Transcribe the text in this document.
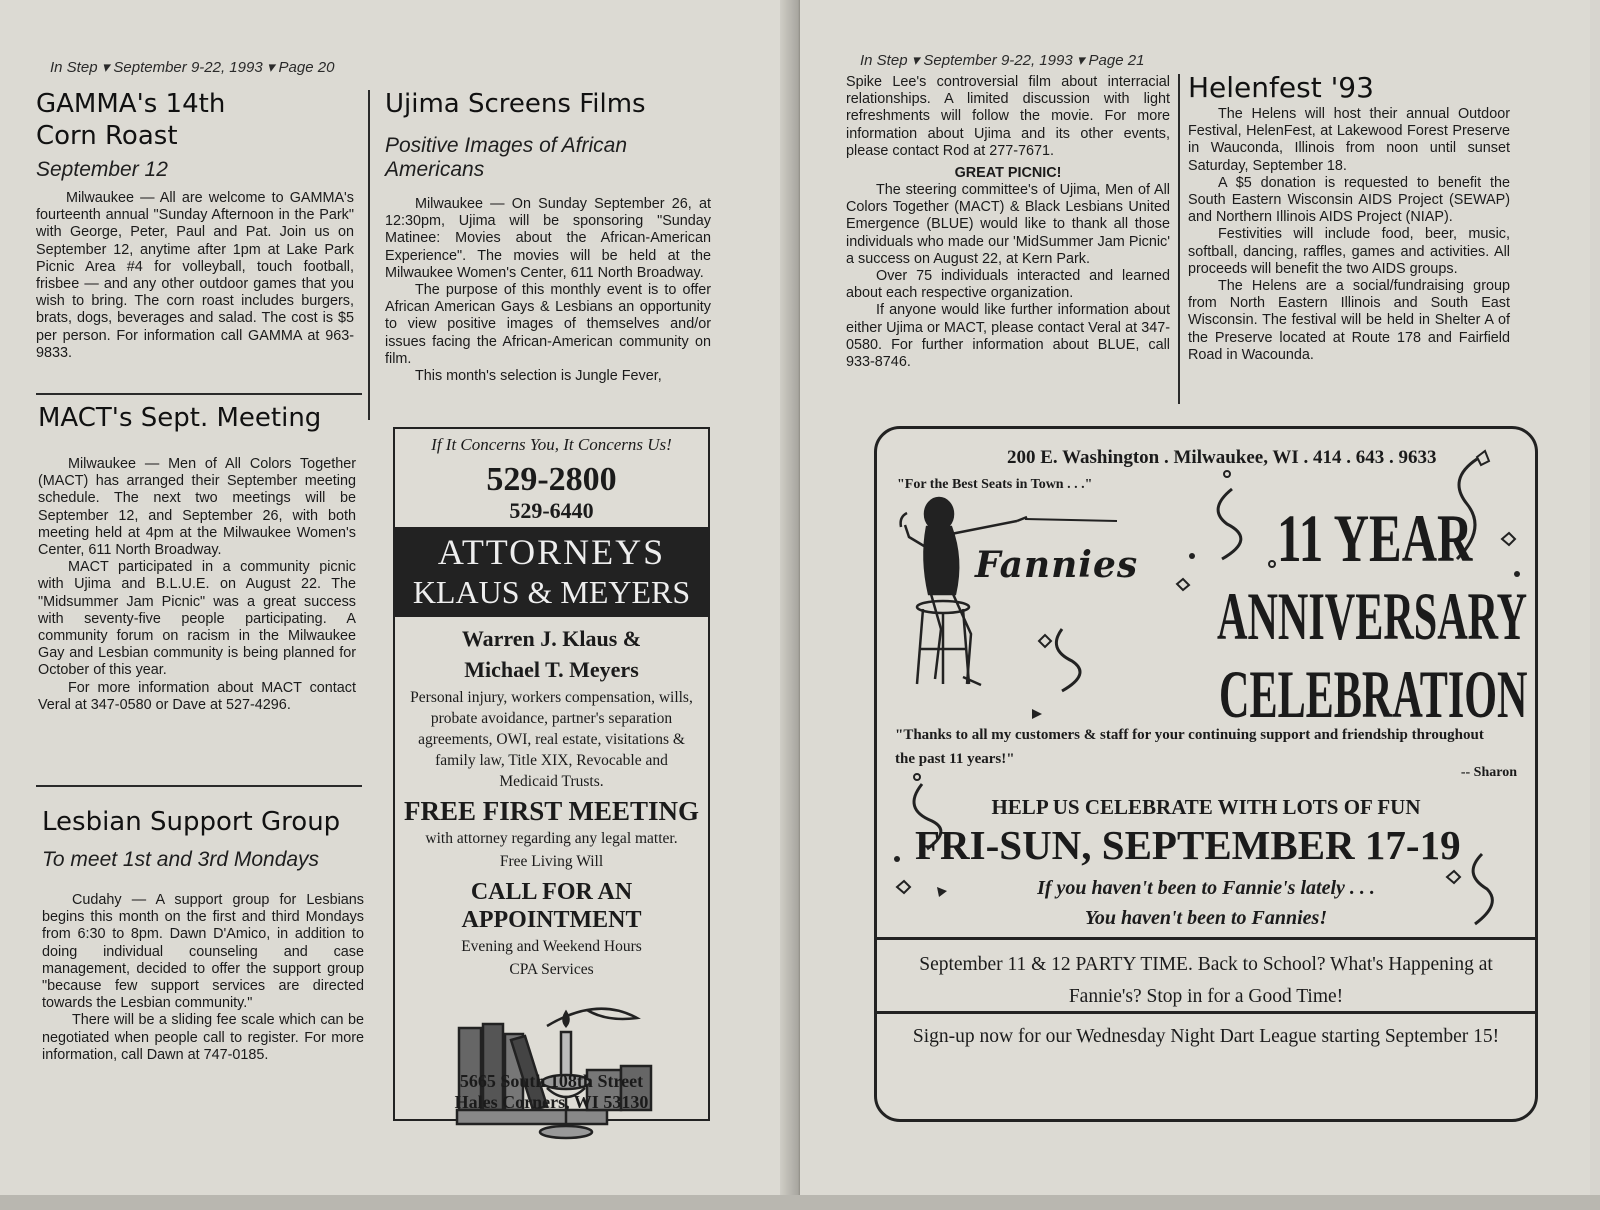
In Step ▾ September 9-22, 1993 ▾ Page 20
GAMMA's 14th
Corn Roast
September 12

Milwaukee — All are welcome to GAMMA's fourteenth annual "Sunday Afternoon in the Park" with George, Peter, Paul and Pat. Join us on September 12, anytime after 1pm at Lake Park Picnic Area #4 for volleyball, touch football, frisbee — and any other outdoor games that you wish to bring. The corn roast includes burgers, brats, dogs, beverages and salad. The cost is $5 per person. For information call GAMMA at 963-9833.

MACT's Sept. Meeting

Milwaukee — Men of All Colors Together (MACT) has arranged their September meeting schedule. The next two meetings will be September 12, and September 26, with both meeting held at 4pm at the Milwaukee Women's Center, 611 North Broadway.

MACT participated in a community picnic with Ujima and B.L.U.E. on August 22. The "Midsummer Jam Picnic" was a great success with seventy-five people participating. A community forum on racism in the Milwaukee Gay and Lesbian community is being planned for October of this year.

For more information about MACT contact Veral at 347-0580 or Dave at 527-4296.

Lesbian Support Group
To meet 1st and 3rd Mondays

Cudahy — A support group for Lesbians begins this month on the first and third Mondays from 6:30 to 8pm. Dawn D'Amico, in addition to doing individual counseling and case management, decided to offer the support group "because few support services are directed towards the Lesbian community."

There will be a sliding fee scale which can be negotiated when people call to register. For more information, call Dawn at 747-0185.

Ujima Screens Films
Positive Images of African Americans

Milwaukee — On Sunday September 26, at 12:30pm, Ujima will be sponsoring "Sunday Matinee: Movies about the African-American Experience". The movies will be held at the Milwaukee Women's Center, 611 North Broadway.

The purpose of this monthly event is to offer African American Gays & Lesbians an opportunity to view positive images of themselves and/or issues facing the African-American community on film.

This month's selection is Jungle Fever,

If It Concerns You, It Concerns Us!
529-2800
529-6440
ATTORNEYS
KLAUS & MEYERS
Warren J. Klaus &
Michael T. Meyers
Personal injury, workers compensation, wills, probate avoidance, partner's separation agreements, OWI, real estate, visitations & family law, Title XIX, Revocable and Medicaid Trusts.
FREE FIRST MEETING
with attorney regarding any legal matter.
Free Living Will
CALL FOR AN APPOINTMENT
Evening and Weekend Hours
CPA Services
5665 South 108th Street
Hales Corners, WI 53130
In Step ▾ September 9-22, 1993 ▾ Page 21

Spike Lee's controversial film about interracial relationships. A limited discussion with light refreshments will follow the movie. For more information about Ujima and its other events, please contact Rod at 277-7671.

GREAT PICNIC!

The steering committee's of Ujima, Men of All Colors Together (MACT) & Black Lesbians United Emergence (BLUE) would like to thank all those individuals who made our 'MidSummer Jam Picnic' a success on August 22, at Kern Park.

Over 75 individuals interacted and learned about each respective organization.

If anyone would like further information about either Ujima or MACT, please contact Veral at 347-0580. For further information about BLUE, call 933-8746.

Helenfest '93

The Helens will host their annual Outdoor Festival, HelenFest, at Lakewood Forest Preserve in Wauconda, Illinois from noon until sunset Saturday, September 18.

A $5 donation is requested to benefit the South Eastern Wisconsin AIDS Project (SEWAP) and Northern Illinois AIDS Project (NIAP).

Festivities will include food, beer, music, softball, dancing, raffles, games and activities. All proceeds will benefit the two AIDS groups.

The Helens are a social/fundraising group from North Eastern Illinois and South East Wisconsin. The festival will be held in Shelter A of the Preserve located at Route 178 and Fairfield Road in Wacounda.

200 E. Washington . Milwaukee, WI . 414 . 643 . 9633
"For the Best Seats in Town . . ."
Fannies 11 YEAR
ANNIVERSARY
CELEBRATION
"Thanks to all my customers & staff for your continuing support and friendship throughout the past 11 years!"
-- Sharon
HELP US CELEBRATE WITH LOTS OF FUN
FRI-SUN, SEPTEMBER 17-19
If you haven't been to Fannie's lately . . .
You haven't been to Fannies!
September 11 & 12 PARTY TIME. Back to School? What's Happening at Fannie's? Stop in for a Good Time!
Sign-up now for our Wednesday Night Dart League starting September 15!
